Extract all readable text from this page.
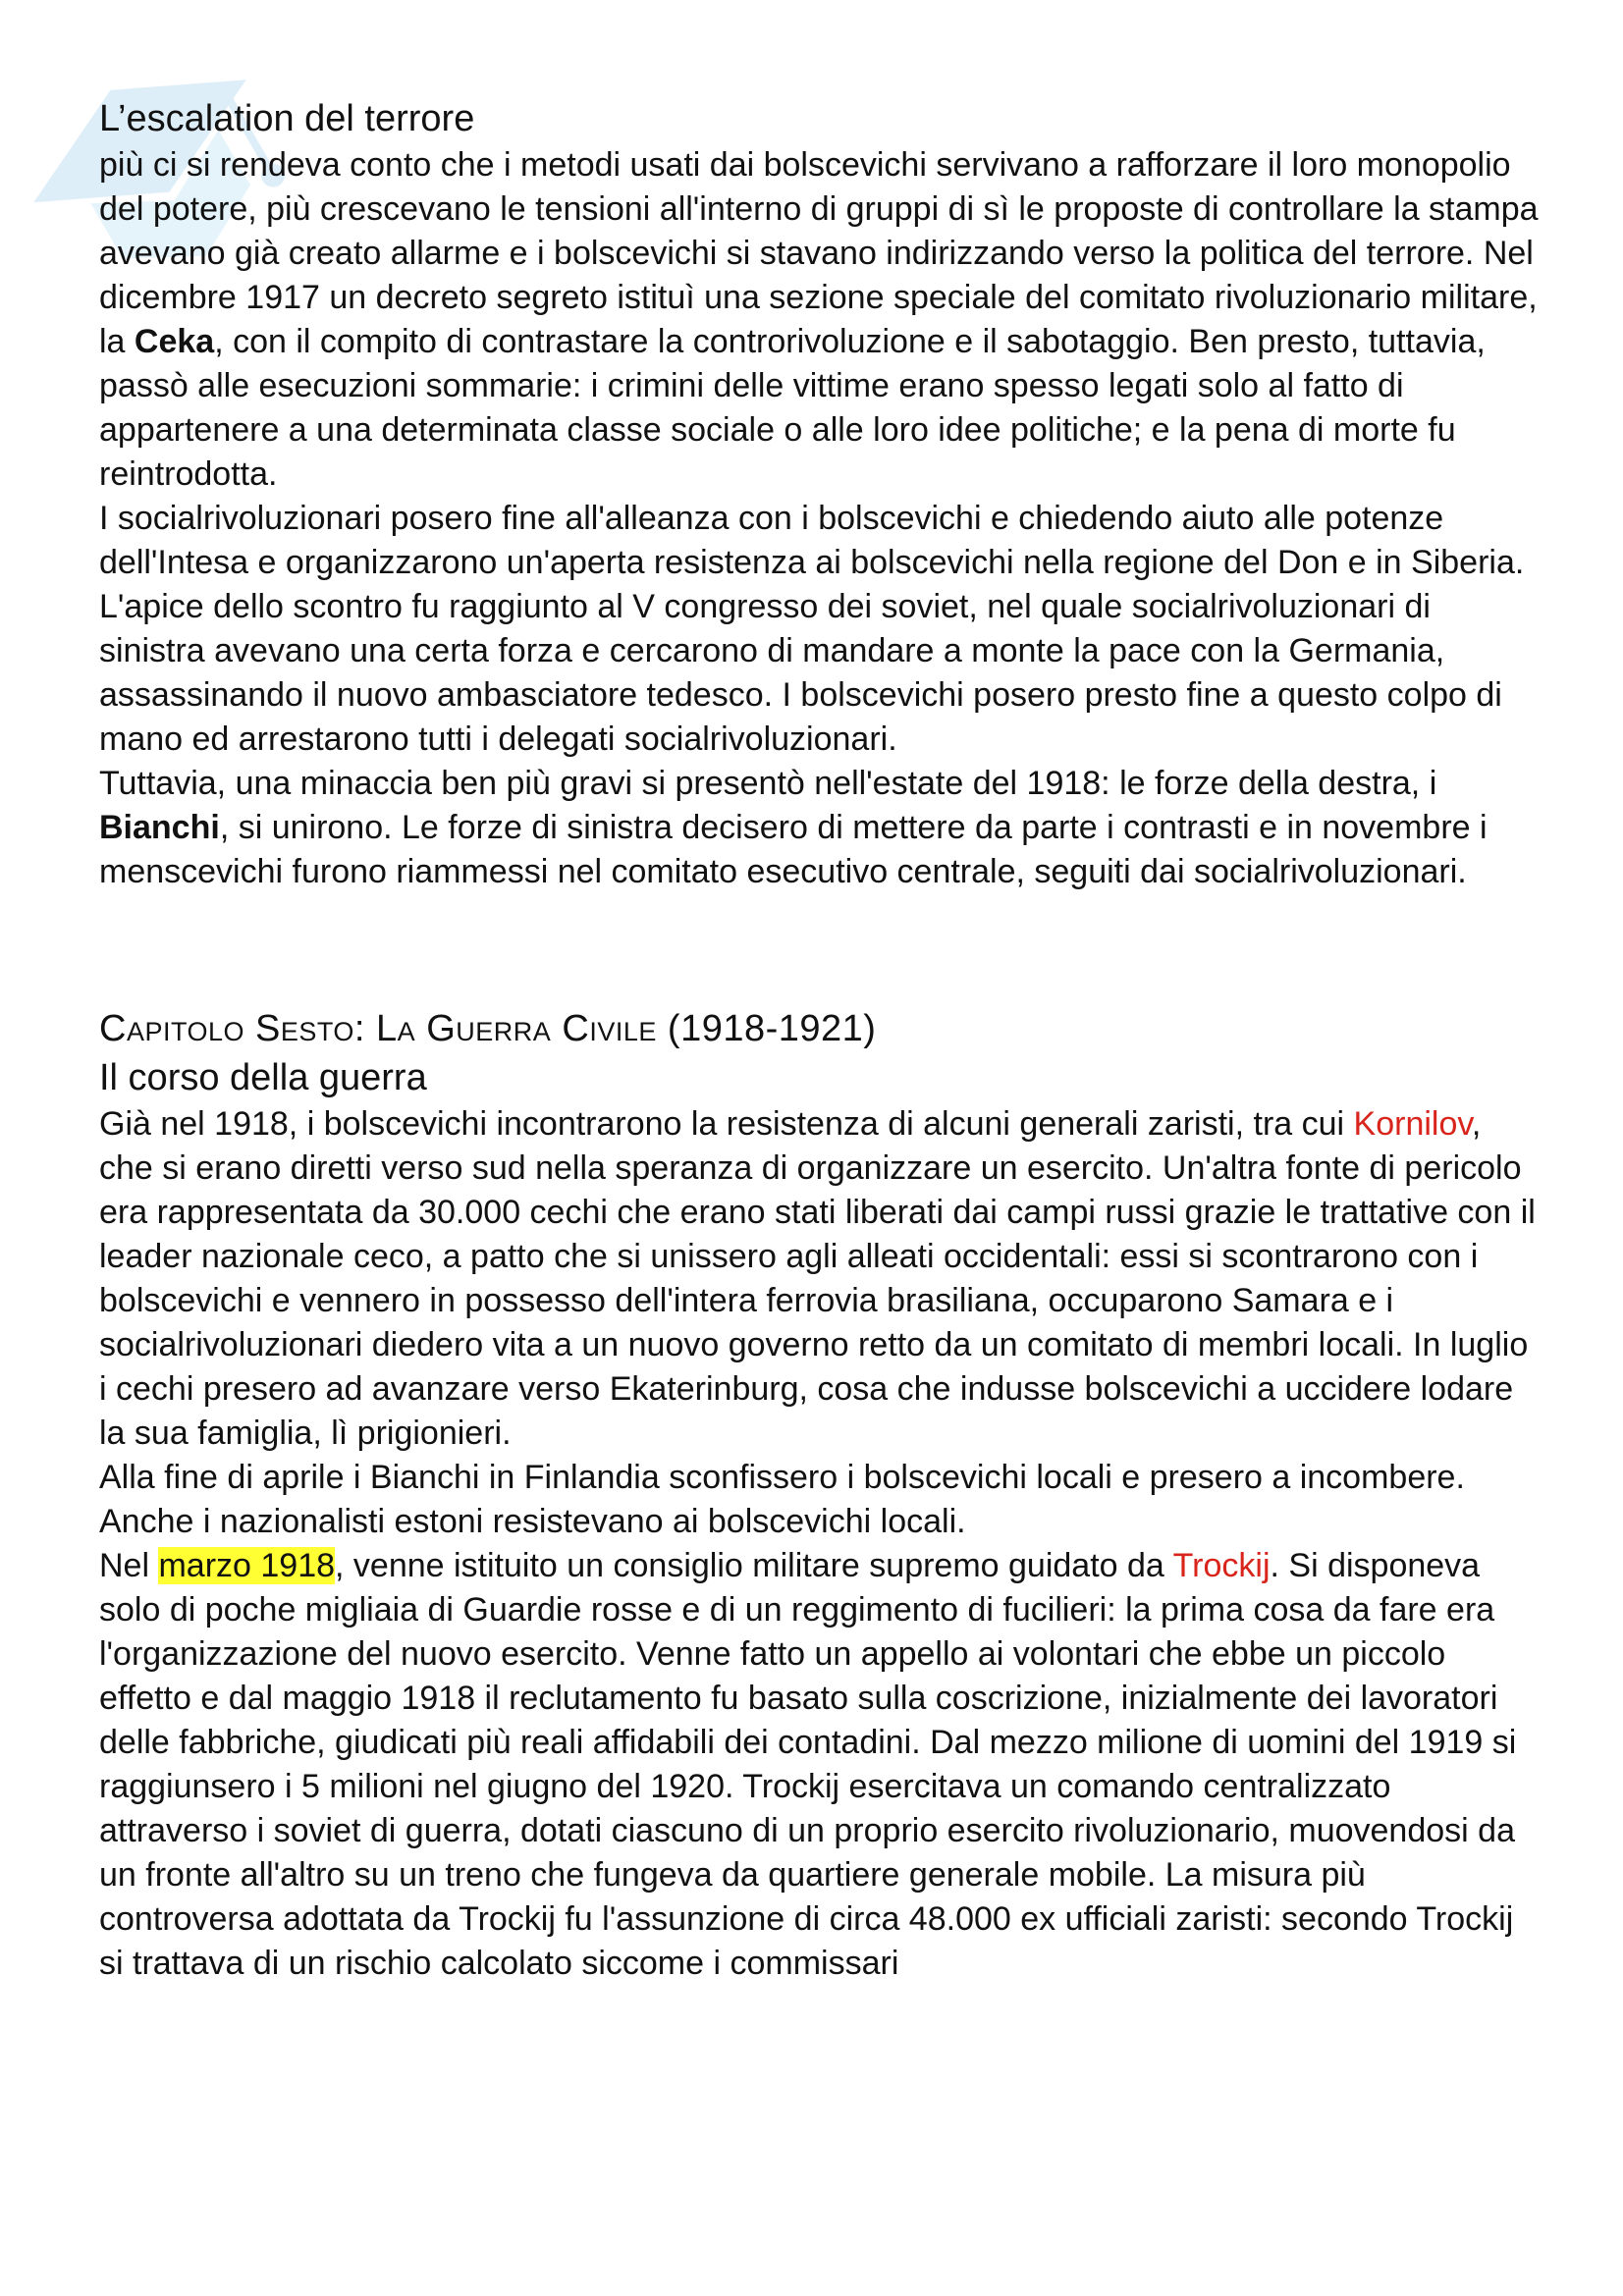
L’escalation del terrore

più ci si rendeva conto che i metodi usati dai bolscevichi servivano a rafforzare il loro monopolio del potere, più crescevano le tensioni all'interno di gruppi di sì le proposte di controllare la stampa avevano già creato allarme e i bolscevichi si stavano indirizzando verso la politica del terrore. Nel dicembre 1917 un decreto segreto istituì una sezione speciale del comitato rivoluzionario militare, la Ceka, con il compito di contrastare la controrivoluzione e il sabotaggio. Ben presto, tuttavia, passò alle esecuzioni sommarie: i crimini delle vittime erano spesso legati solo al fatto di appartenere a una determinata classe sociale o alle loro idee politiche; e la pena di morte fu reintrodotta.

I socialrivoluzionari posero fine all'alleanza con i bolscevichi e chiedendo aiuto alle potenze dell'Intesa e organizzarono un'aperta resistenza ai bolscevichi nella regione del Don e in Siberia. L'apice dello scontro fu raggiunto al V congresso dei soviet, nel quale socialrivoluzionari di sinistra avevano una certa forza e cercarono di mandare a monte la pace con la Germania, assassinando il nuovo ambasciatore tedesco. I bolscevichi posero presto fine a questo colpo di mano ed arrestarono tutti i delegati socialrivoluzionari.

Tuttavia, una minaccia ben più gravi si presentò nell'estate del 1918: le forze della destra, i Bianchi, si unirono. Le forze di sinistra decisero di mettere da parte i contrasti e in novembre i menscevichi furono riammessi nel comitato esecutivo centrale, seguiti dai socialrivoluzionari.

Capitolo Sesto: La Guerra Civile (1918-1921)
Il corso della guerra

Già nel 1918, i bolscevichi incontrarono la resistenza di alcuni generali zaristi, tra cui Kornilov, che si erano diretti verso sud nella speranza di organizzare un esercito. Un'altra fonte di pericolo era rappresentata da 30.000 cechi che erano stati liberati dai campi russi grazie le trattative con il leader nazionale ceco, a patto che si unissero agli alleati occidentali: essi si scontrarono con i bolscevichi e vennero in possesso dell'intera ferrovia brasiliana, occuparono Samara e i socialrivoluzionari diedero vita a un nuovo governo retto da un comitato di membri locali. In luglio i cechi presero ad avanzare verso Ekaterinburg, cosa che indusse bolscevichi a uccidere lodare la sua famiglia, lì prigionieri.

Alla fine di aprile i Bianchi in Finlandia sconfissero i bolscevichi locali e presero a incombere. Anche i nazionalisti estoni resistevano ai bolscevichi locali.

Nel marzo 1918, venne istituito un consiglio militare supremo guidato da Trockij. Si disponeva solo di poche migliaia di Guardie rosse e di un reggimento di fucilieri: la prima cosa da fare era l'organizzazione del nuovo esercito. Venne fatto un appello ai volontari che ebbe un piccolo effetto e dal maggio 1918 il reclutamento fu basato sulla coscrizione, inizialmente dei lavoratori delle fabbriche, giudicati più reali affidabili dei contadini. Dal mezzo milione di uomini del 1919 si raggiunsero i 5 milioni nel giugno del 1920. Trockij esercitava un comando centralizzato attraverso i soviet di guerra, dotati ciascuno di un proprio esercito rivoluzionario, muovendosi da un fronte all'altro su un treno che fungeva da quartiere generale mobile. La misura più controversa adottata da Trockij fu l'assunzione di circa 48.000 ex ufficiali zaristi: secondo Trockij si trattava di un rischio calcolato siccome i commissari
